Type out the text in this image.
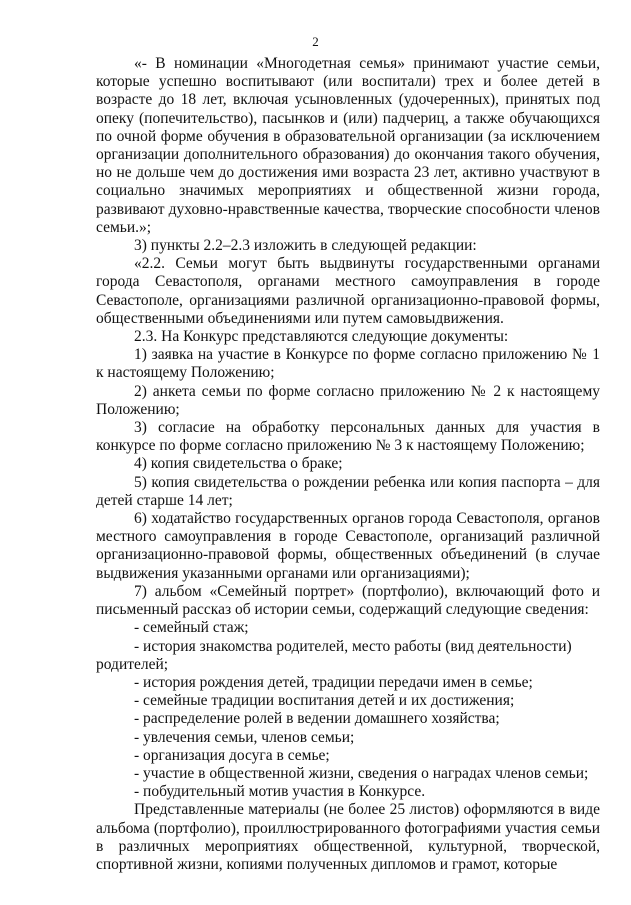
2

«- В номинации «Многодетная семья» принимают участие семьи, которые успешно воспитывают (или воспитали) трех и более детей в возрасте до 18 лет, включая усыновленных (удочеренных), принятых под опеку (попечительство), пасынков и (или) падчериц, а также обучающихся по очной форме обучения в образовательной организации (за исключением организации дополнительного образования) до окончания такого обучения, но не дольше чем до достижения ими возраста 23 лет, активно участвуют в социально значимых мероприятиях и общественной жизни города, развивают духовно-нравственные качества, творческие способности членов семьи.»;

3) пункты 2.2–2.3 изложить в следующей редакции:

«2.2. Семьи могут быть выдвинуты государственными органами города Севастополя, органами местного самоуправления в городе Севастополе, организациями различной организационно-правовой формы, общественными объединениями или путем самовыдвижения.

2.3. На Конкурс представляются следующие документы:

1) заявка на участие в Конкурсе по форме согласно приложению № 1 к настоящему Положению;

2) анкета семьи по форме согласно приложению № 2 к настоящему Положению;

3) согласие на обработку персональных данных для участия в конкурсе по форме согласно приложению № 3 к настоящему Положению;

4) копия свидетельства о браке;

5) копия свидетельства о рождении ребенка или копия паспорта – для детей старше 14 лет;

6) ходатайство государственных органов города Севастополя, органов местного самоуправления в городе Севастополе, организаций различной организационно-правовой формы, общественных объединений (в случае выдвижения указанными органами или организациями);

7) альбом «Семейный портрет» (портфолио), включающий фото и письменный рассказ об истории семьи, содержащий следующие сведения:

- семейный стаж;

- история знакомства родителей, место работы (вид деятельности) родителей;

- история рождения детей, традиции передачи имен в семье;

- семейные традиции воспитания детей и их достижения;

- распределение ролей в ведении домашнего хозяйства;

- увлечения семьи, членов семьи;

- организация досуга в семье;

- участие в общественной жизни, сведения о наградах членов семьи;

- побудительный мотив участия в Конкурсе.

Представленные материалы (не более 25 листов) оформляются в виде альбома (портфолио), проиллюстрированного фотографиями участия семьи в различных мероприятиях общественной, культурной, творческой, спортивной жизни, копиями полученных дипломов и грамот, которые
